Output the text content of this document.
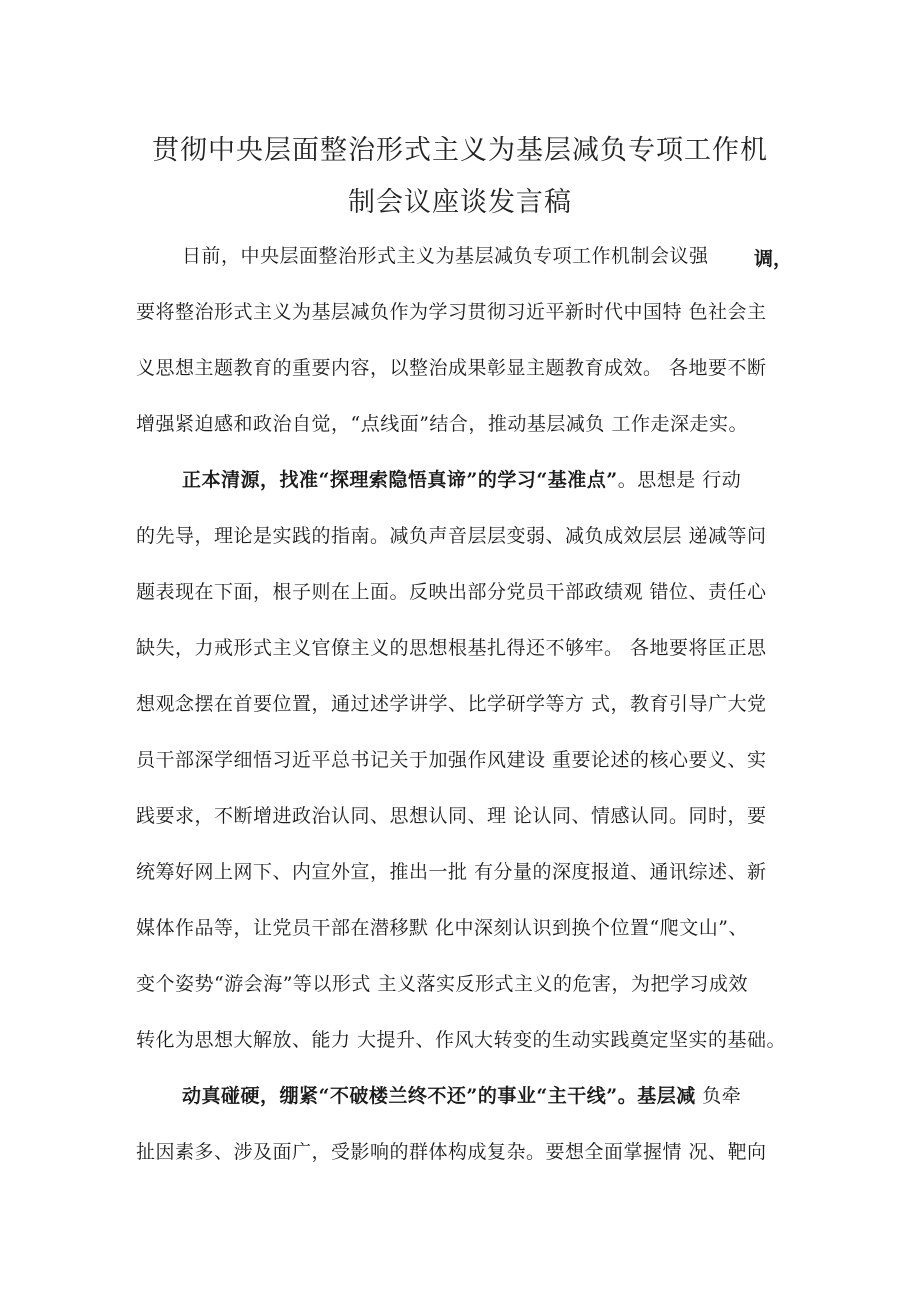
贯彻中央层面整治形式主义为基层减负专项工作机
制会议座谈发言稿
日前，中央层面整治形式主义为基层减负专项工作机制会议强	调，
要将整治形式主义为基层减负作为学习贯彻习近平新时代中国特 色社会主
义思想主题教育的重要内容，以整治成果彰显主题教育成效。 各地要不断
增强紧迫感和政治自觉，“点线面”结合，推动基层减负 工作走深走实。
正本清源，找准“探理索隐悟真谛”的学习“基准点”。思想是 行动
的先导，理论是实践的指南。减负声音层层变弱、减负成效层层 递减等问
题表现在下面，根子则在上面。反映出部分党员干部政绩观 错位、责任心
缺失，力戒形式主义官僚主义的思想根基扎得还不够牢。 各地要将匡正思
想观念摆在首要位置，通过述学讲学、比学研学等方 式，教育引导广大党
员干部深学细悟习近平总书记关于加强作风建设 重要论述的核心要义、实
践要求，不断增进政治认同、思想认同、理 论认同、情感认同。同时，要
统筹好网上网下、内宣外宣，推出一批 有分量的深度报道、通讯综述、新
媒体作品等，让党员干部在潜移默 化中深刻认识到换个位置“爬文山”、
变个姿势“游会海”等以形式 主义落实反形式主义的危害，为把学习成效
转化为思想大解放、能力 大提升、作风大转变的生动实践奠定坚实的基础。
动真碰硬，绷紧“不破楼兰终不还”的事业“主干线”。基层减 负牵
扯因素多、涉及面广，受影响的群体构成复杂。要想全面掌握情 况、靶向
